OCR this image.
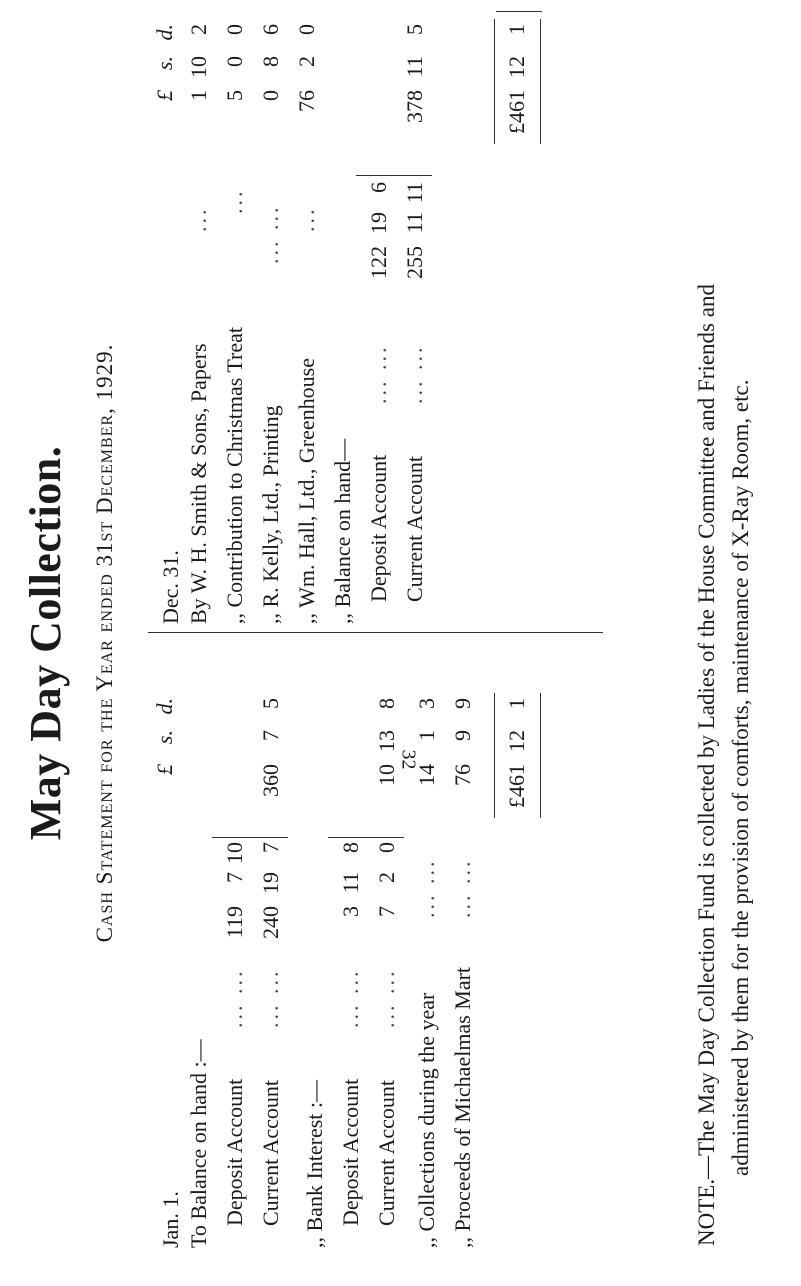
32
May Day Collection. Cash Statement for the Year ended 31st December, 1929. £s.d.
Jan. 1. To Balance on hand :— Deposit Account
... ...
119710
Current Account
... ...
240197
36075
,, Bank Interest :— Deposit Account
... ...
3118
Current Account
... ...
720
10138
,, Collections during the year
... ...
1413
,, Proceeds of Michaelmas Mart
... ...
7699
£461121
£s.d.
Dec. 31. By W. H. Smith & Sons, Papers
...
1102
,, Contribution to Christmas Treat
...
500
,, R. Kelly, Ltd., Printing
... ...
086
,, Wm. Hall, Ltd., Greenhouse
...
7620
,, Balance on hand— Deposit Account
... ...
122196
Current Account
... ...
2551111
378115
£461121
NOTE.—The May Day Collection Fund is collected by Ladies of the House Committee and Friends and administered by them for the provision of comforts, maintenance of X-Ray Room, etc.
